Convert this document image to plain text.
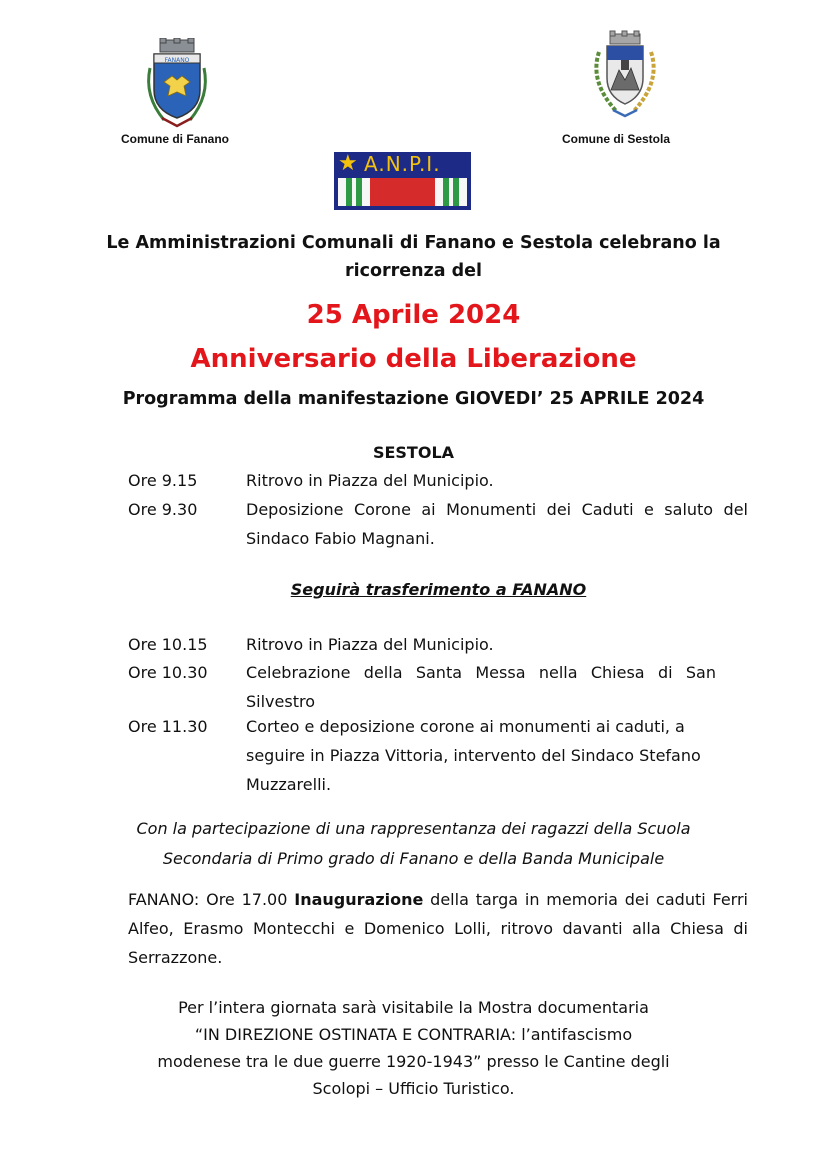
FANANO
Comune di Fanano	Comune di Sestola
★ A.N.P.I.
Le Amministrazioni Comunali di Fanano e Sestola celebrano la
ricorrenza del
25 Aprile 2024
Anniversario della Liberazione
Programma della manifestazione GIOVEDI’ 25 APRILE 2024
SESTOLA
Ore 9.15	Ritrovo in Piazza del Municipio.
Ore 9.30	Deposizione Corone ai Monumenti dei Caduti e saluto del Sindaco Fabio Magnani.
Seguirà trasferimento a FANANO
Ore 10.15 Ritrovo in Piazza del Municipio.
Ore 10.30 Celebrazione della Santa Messa nella Chiesa di San Silvestro
Ore 11.30 Corteo e deposizione corone ai monumenti ai caduti, a seguire in Piazza Vittoria, intervento del Sindaco Stefano Muzzarelli.
Con la partecipazione di una rappresentanza dei ragazzi della Scuola
Secondaria di Primo grado di Fanano e della Banda Municipale
FANANO: Ore 17.00 Inaugurazione della targa in memoria dei caduti Ferri Alfeo, Erasmo Montecchi e Domenico Lolli, ritrovo davanti alla Chiesa di Serrazzone.
Per l’intera giornata sarà visitabile la Mostra documentaria
“IN DIREZIONE OSTINATA E CONTRARIA: l’antifascismo
modenese tra le due guerre 1920-1943” presso le Cantine degli
Scolopi – Ufficio Turistico.
